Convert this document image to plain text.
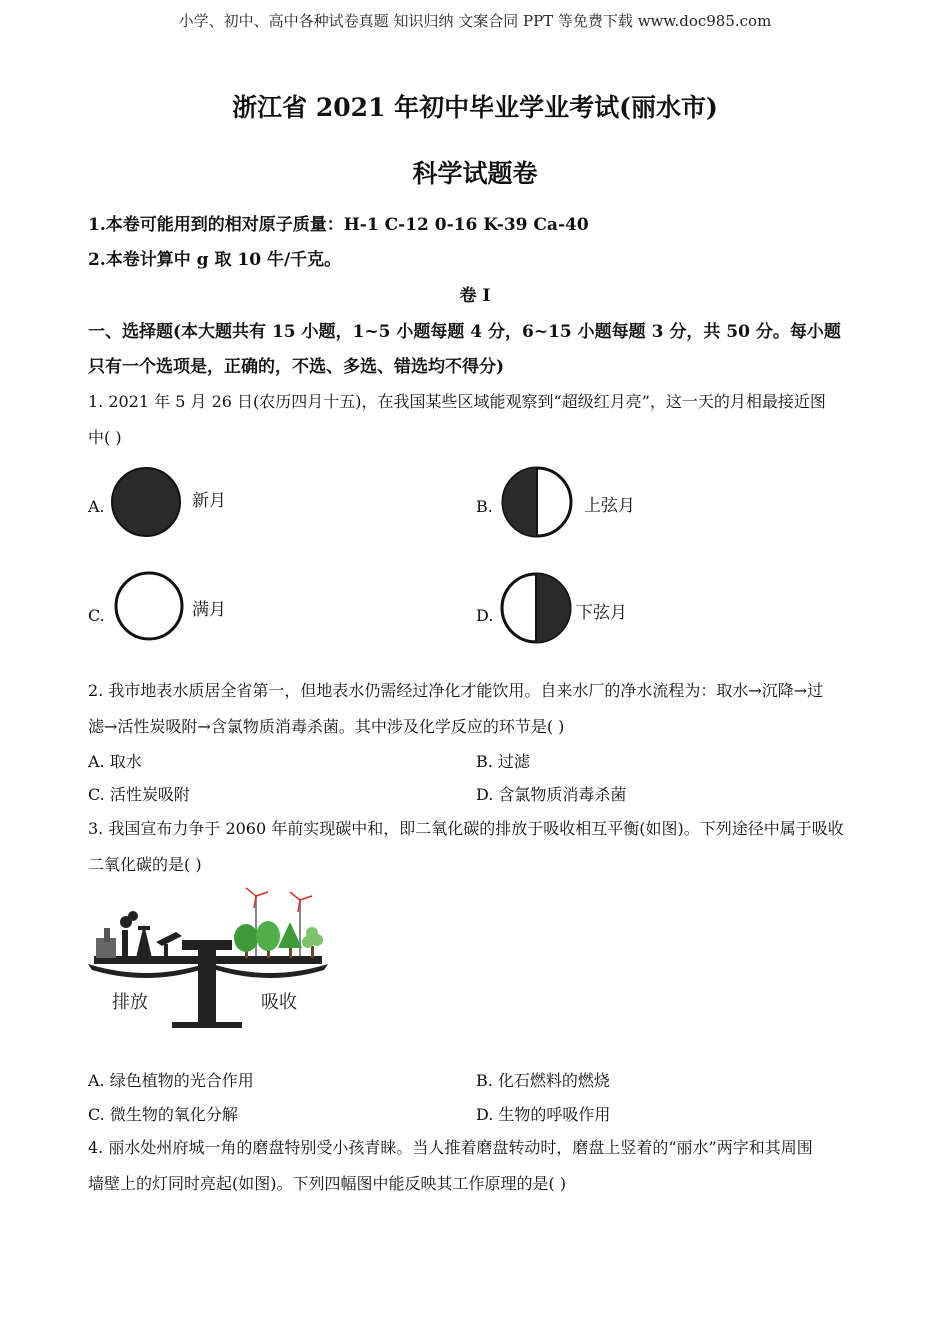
小学、初中、高中各种试卷真题 知识归纳 文案合同 PPT 等免费下载 www.doc985.com
浙江省 2021 年初中毕业学业考试(丽水市)
科学试题卷
1.本卷可能用到的相对原子质量：H-1 C-12 0-16 K-39 Ca-40
2.本卷计算中 g 取 10 牛/千克。
卷 I
一、选择题(本大题共有 15 小题，1~5 小题每题 4 分，6~15 小题每题 3 分，共 50 分。每小题
只有一个选项是，正确的，不选、多选、错选均不得分)
1. 2021 年 5 月 26 日(农历四月十五)，在我国某些区域能观察到“超级红月亮”，这一天的月相最接近图
中( )
A.	新月	B.	上弦月
C.	满月	D.	下弦月
2. 我市地表水质居全省第一，但地表水仍需经过净化才能饮用。自来水厂的净水流程为：取水→沉降→过
滤→活性炭吸附→含氯物质消毒杀菌。其中涉及化学反应的环节是( )
A. 取水	B. 过滤
C. 活性炭吸附	D. 含氯物质消毒杀菌
3. 我国宣布力争于 2060 年前实现碳中和，即二氧化碳的排放于吸收相互平衡(如图)。下列途径中属于吸收
二氧化碳的是( )
排放	吸收
A. 绿色植物的光合作用	B. 化石燃料的燃烧
C. 微生物的氧化分解	D. 生物的呼吸作用
4. 丽水处州府城一角的磨盘特别受小孩青睐。当人推着磨盘转动时，磨盘上竖着的“丽水”两字和其周围
墙壁上的灯同时亮起(如图)。下列四幅图中能反映其工作原理的是( )
